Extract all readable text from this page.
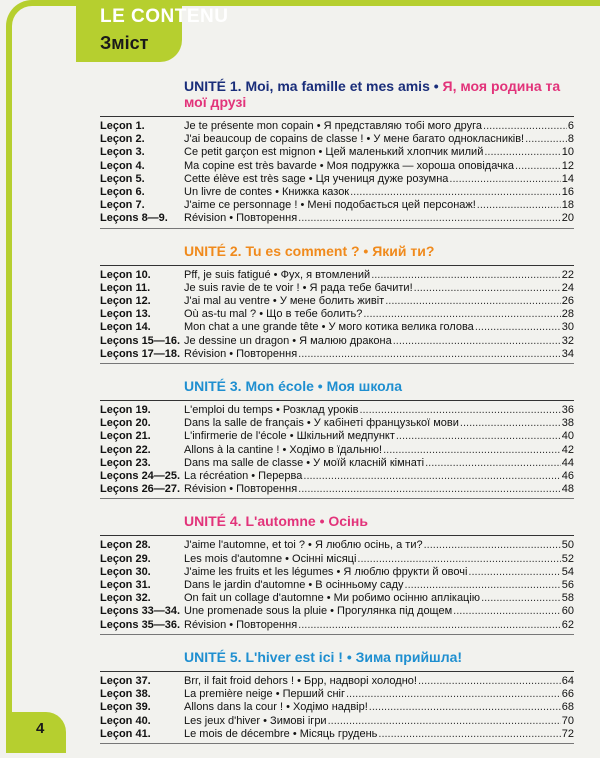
LE CONTENU
Зміст
UNITÉ 1. Moi, ma famille et mes amis • Я, моя родина та мої друзі
Leçon 1.	Je te présente mon copain • Я представляю тобі мого друга .....	6
Leçon 2.	J'ai beaucoup de copains de classe ! • У мене багато однокласників! .....	8
Leçon 3.	Ce petit garçon est mignon • Цей маленький хлопчик милий .....	10
Leçon 4.	Ma copine est très bavarde • Моя подружка — хороша оповідачка .....	12
Leçon 5.	Cette élève est très sage • Ця учениця дуже розумна .....	14
Leçon 6.	Un livre de contes • Книжка казок .....	16
Leçon 7.	J'aime ce personnage ! • Мені подобається цей персонаж! .....	18
Leçons 8—9.	Révision • Повторення .....	20
UNITÉ 2. Tu es comment ? • Який ти?
Leçon 10.	Pff, je suis fatigué • Фух, я втомлений .....	22
Leçon 11.	Je suis ravie de te voir ! • Я рада тебе бачити! .....	24
Leçon 12.	J'ai mal au ventre • У мене болить живіт .....	26
Leçon 13.	Où as-tu mal ? • Що в тебе болить? .....	28
Leçon 14.	Mon chat a une grande tête • У мого котика велика голова .....	30
Leçons 15—16. Je dessine un dragon • Я малюю дракона .....	32
Leçons 17—18. Révision • Повторення .....	34
UNITÉ 3. Mon école • Моя школа
Leçon 19.	L'emploi du temps • Розклад уроків .....	36
Leçon 20.	Dans la salle de français • У кабінеті французької мови .....	38
Leçon 21.	L'infirmerie de l'école • Шкільний медпункт .....	40
Leçon 22.	Allons à la cantine ! • Ходімо в їдальню! .....	42
Leçon 23.	Dans ma salle de classe • У моїй класній кімнаті .....	44
Leçons 24—25. La récréation • Перерва .....	46
Leçons 26—27. Révision • Повторення .....	48
UNITÉ 4. L'automne • Осінь
Leçon 28.	J'aime l'automne, et toi ? • Я люблю осінь, а ти? .....	50
Leçon 29.	Les mois d'automne • Осінні місяці .....	52
Leçon 30.	J'aime les fruits et les légumes • Я люблю фрукти й овочі .....	54
Leçon 31.	Dans le jardin d'automne • В осінньому саду .....	56
Leçon 32.	On fait un collage d'automne • Ми робимо осінню аплікацію .....	58
Leçons 33—34. Une promenade sous la pluie • Прогулянка під дощем .....	60
Leçons 35—36. Révision • Повторення .....	62
UNITÉ 5. L'hiver est ici ! • Зима прийшла!
Leçon 37.	Brr, il fait froid dehors ! • Брр, надворі холодно! .....	64
Leçon 38.	La première neige • Перший сніг .....	66
Leçon 39.	Allons dans la cour ! • Ходімо надвір! .....	68
Leçon 40.	Les jeux d'hiver • Зимові ігри .....	70
Leçon 41.	Le mois de décembre • Місяць грудень .....	72
4
